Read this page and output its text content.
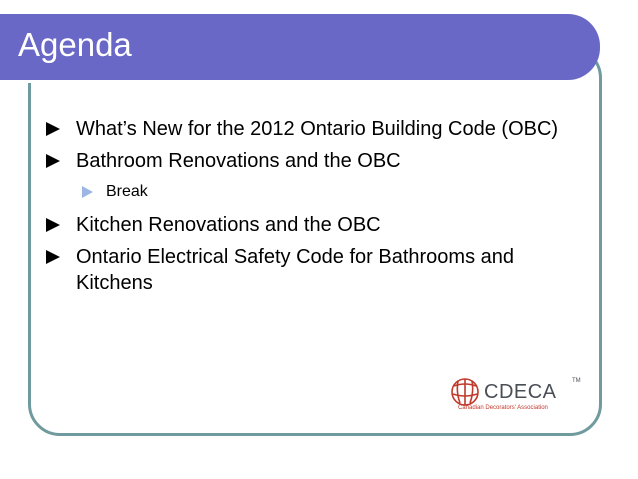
Agenda
What’s New for the 2012 Ontario Building Code (OBC)
Bathroom Renovations and the OBC
Break
Kitchen Renovations and the OBC
Ontario Electrical Safety Code for Bathrooms and Kitchens
CDECA	TM
Canadian Decorators' Association
